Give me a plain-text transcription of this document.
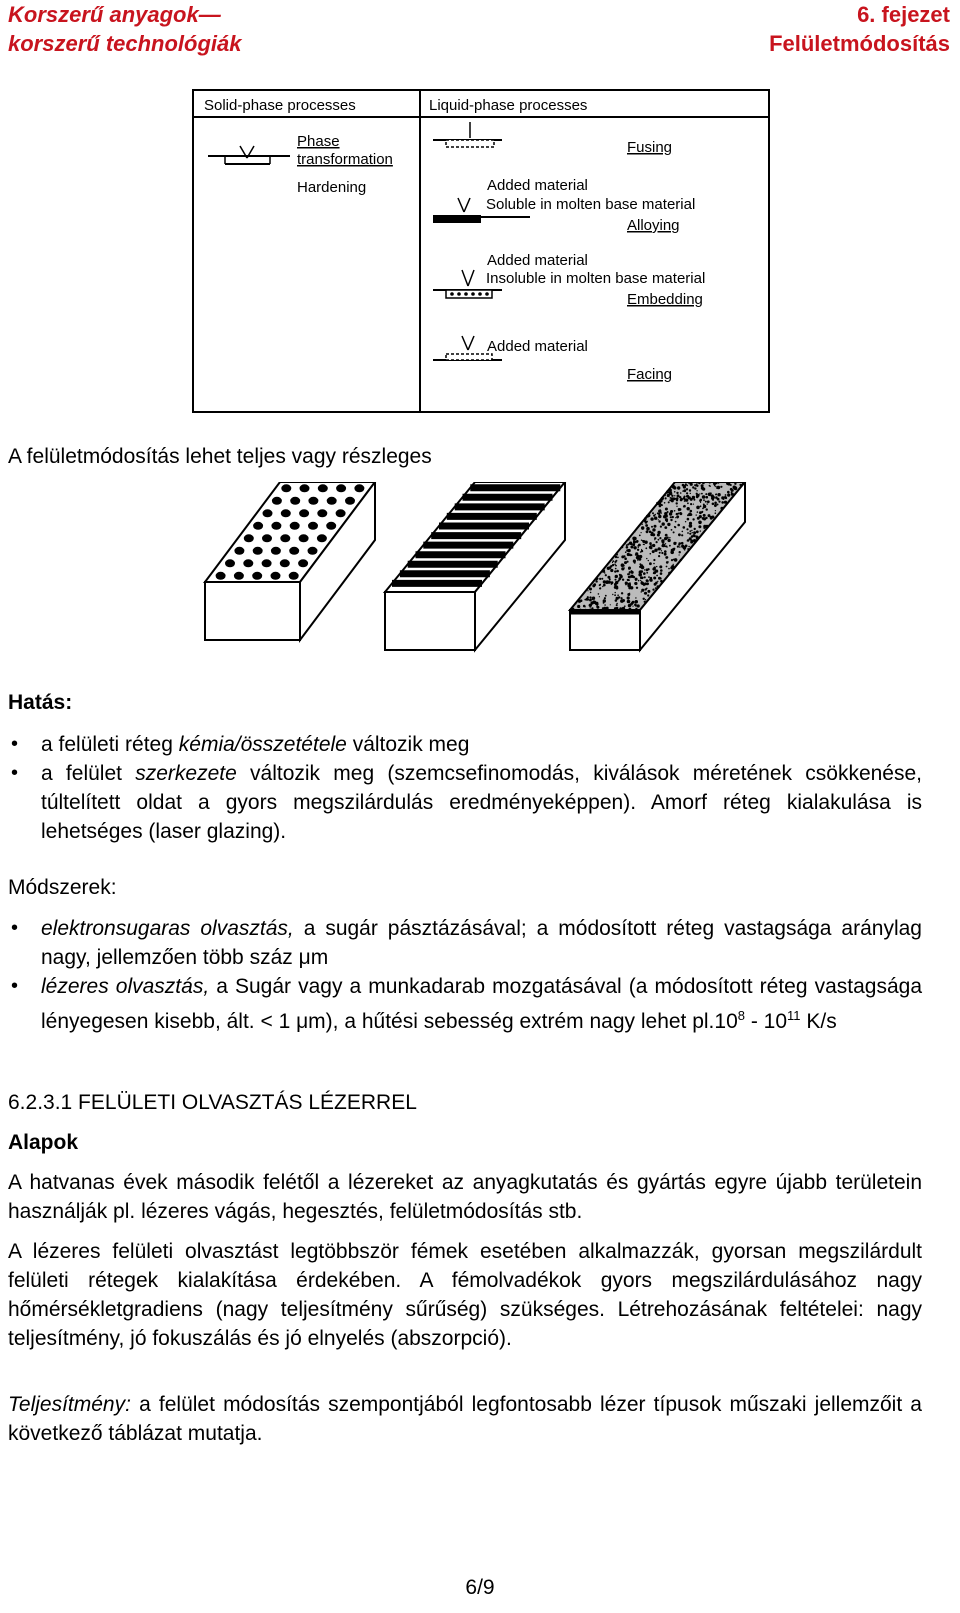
Korszerű anyagok—
korszerű technológiák
6. fejezet
Felületmódosítás
Solid-phase processes	Liquid-phase processes
Phase
transformation
Hardening
Fusing
Added material
Soluble in molten base material
Alloying
Added material
Insoluble in molten base material
Embedding
Added material
Facing
A felületmódosítás lehet teljes vagy részleges
Hatás:
• a felületi réteg kémia/összetétele változik meg
• a felület szerkezete változik meg (szemcsefinomodás, kiválások méretének csökkenése, túltelített oldat a gyors megszilárdulás eredményeképpen). Amorf réteg kialakulása is lehetséges (laser glazing).
Módszerek:
• elektronsugaras olvasztás, a sugár pásztázásával; a módosított réteg vastagsága aránylag nagy, jellemzően több száz μm
• lézeres olvasztás, a Sugár vagy a munkadarab mozgatásával (a módosított réteg vastagsága lényegesen kisebb, ált. < 1 μm), a hűtési sebesség extrém nagy lehet $pl.10^8 - 10^{11}$ K/s
6.2.3.1 FELÜLETI OLVASZTÁS LÉZERREL
Alapok
A hatvanas évek második felétől a lézereket az anyagkutatás és gyártás egyre újabb területein használják pl. lézeres vágás, hegesztés, felületmódosítás stb.
A lézeres felületi olvasztást legtöbbször fémek esetében alkalmazzák, gyorsan megszilárdult felületi rétegek kialakítása érdekében. A fémolvadékok gyors megszilárdulásához nagy hőmérsékletgradiens (nagy teljesítmény sűrűség) szükséges. Létrehozásának feltételei: nagy teljesítmény, jó fokuszálás és jó elnyelés (abszorpció).
Teljesítmény: a felület módosítás szempontjából legfontosabb lézer típusok műszaki jellemzőit a következő táblázat mutatja.
6/9
